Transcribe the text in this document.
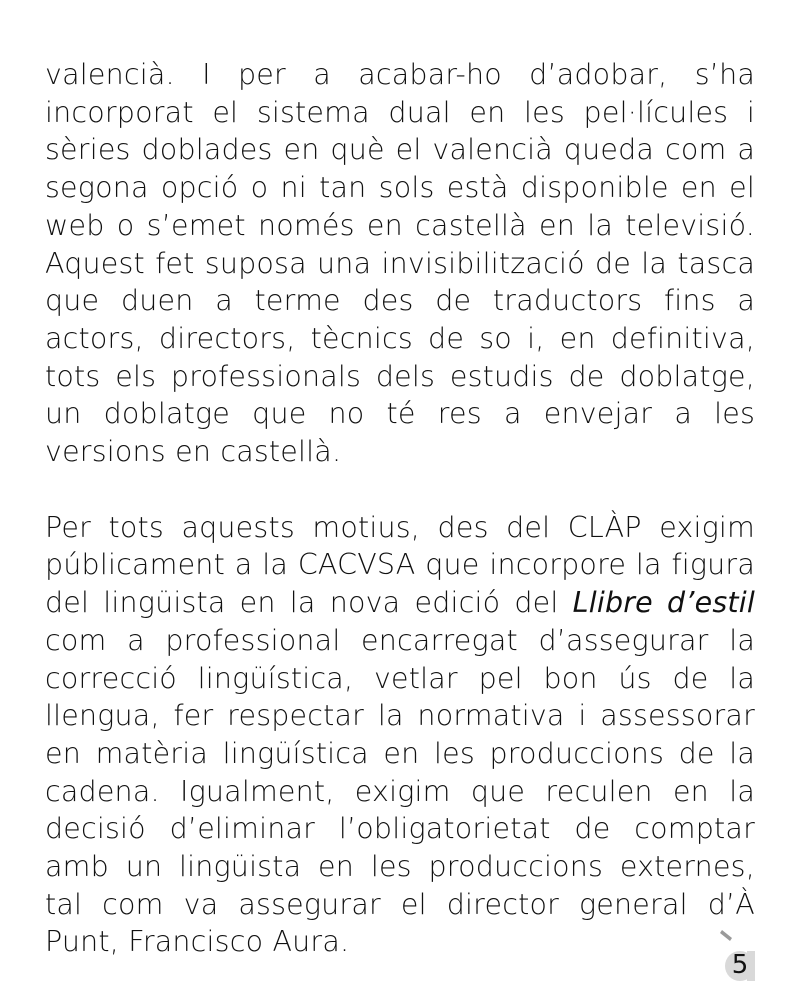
valencià. I per a acabar-ho d’adobar, s’ha incorporat el sistema dual en les pel·lícules i sèries doblades en què el valencià queda com a segona opció o ni tan sols està disponible en el web o s’emet només en castellà en la televisió. Aquest fet suposa una invisibilització de la tasca que duen a terme des de traductors fins a actors, directors, tècnics de so i, en definitiva, tots els professionals dels estudis de doblatge, un doblatge que no té res a envejar a les versions en castellà.

Per tots aquests motius, des del CLÀP exigim públicament a la CACVSA que incorpore la figura del lingüista en la nova edició del Llibre d’estil com a professional encarregat d’assegurar la correcció lingüística, vetlar pel bon ús de la llengua, fer respectar la normativa i assessorar en matèria lingüística en les produccions de la cadena. Igualment, exigim que reculen en la decisió d’eliminar l’obligatorietat de comptar amb un lingüista en les produccions externes, tal com va assegurar el director general d’À Punt, Francisco Aura.

5
